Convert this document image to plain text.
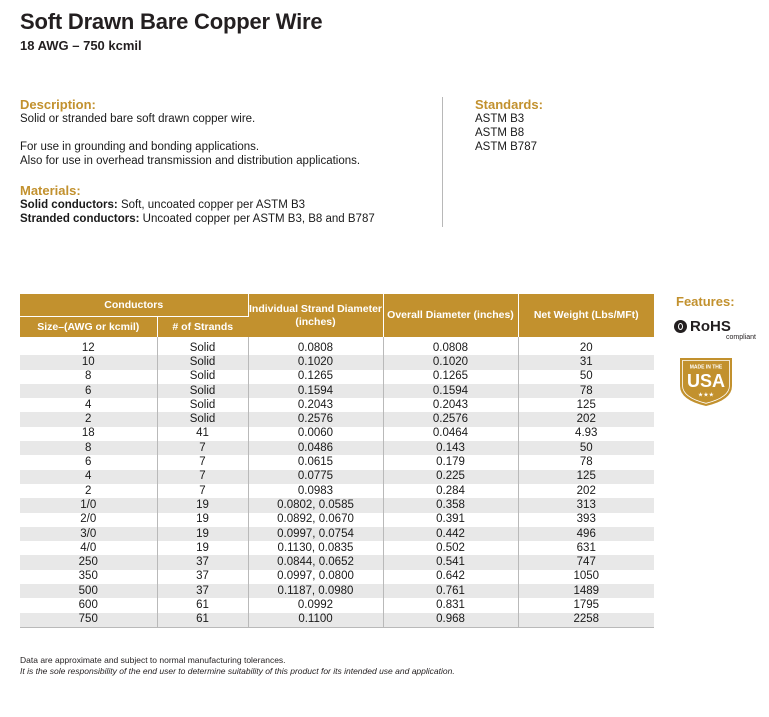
Soft Drawn Bare Copper Wire
18 AWG – 750 kcmil
Description:

Solid or stranded bare soft drawn copper wire.

For use in grounding and bonding applications.

Also for use in overhead transmission and distribution applications.

Materials:
Solid conductors: Soft, uncoated copper per ASTM B3
Stranded conductors: Uncoated copper per ASTM B3, B8 and B787
Standards:
ASTM B3
ASTM B8
ASTM B787
Conductors		Individual Strand Diameter (inches)	Overall Diameter (inches)	Net Weight (Lbs/MFt)
Size–(AWG or kcmil)	# of Strands			
12	Solid	0.0808	0.0808	20
10	Solid	0.1020	0.1020	31
8	Solid	0.1265	0.1265	50
6	Solid	0.1594	0.1594	78
4	Solid	0.2043	0.2043	125
2	Solid	0.2576	0.2576	202
18	41	0.0060	0.0464	4.93
8	7	0.0486	0.143	50
6	7	0.0615	0.179	78
4	7	0.0775	0.225	125
2	7	0.0983	0.284	202
1/0	19	0.0802, 0.0585	0.358	313
2/0	19	0.0892, 0.0670	0.391	393
3/0	19	0.0997, 0.0754	0.442	496
4/0	19	0.1130, 0.0835	0.502	631
250	37	0.0844, 0.0652	0.541	747
350	37	0.0997, 0.0800	0.642	1050
500	37	0.1187, 0.0980	0.761	1489
600	61	0.0992	0.831	1795
750	61	0.1100	0.968	2258
Features:
RoHS
compliant
MADE IN THE
USA
★★★
Data are approximate and subject to normal manufacturing tolerances.
It is the sole responsibility of the end user to determine suitability of this product for its intended use and application.
